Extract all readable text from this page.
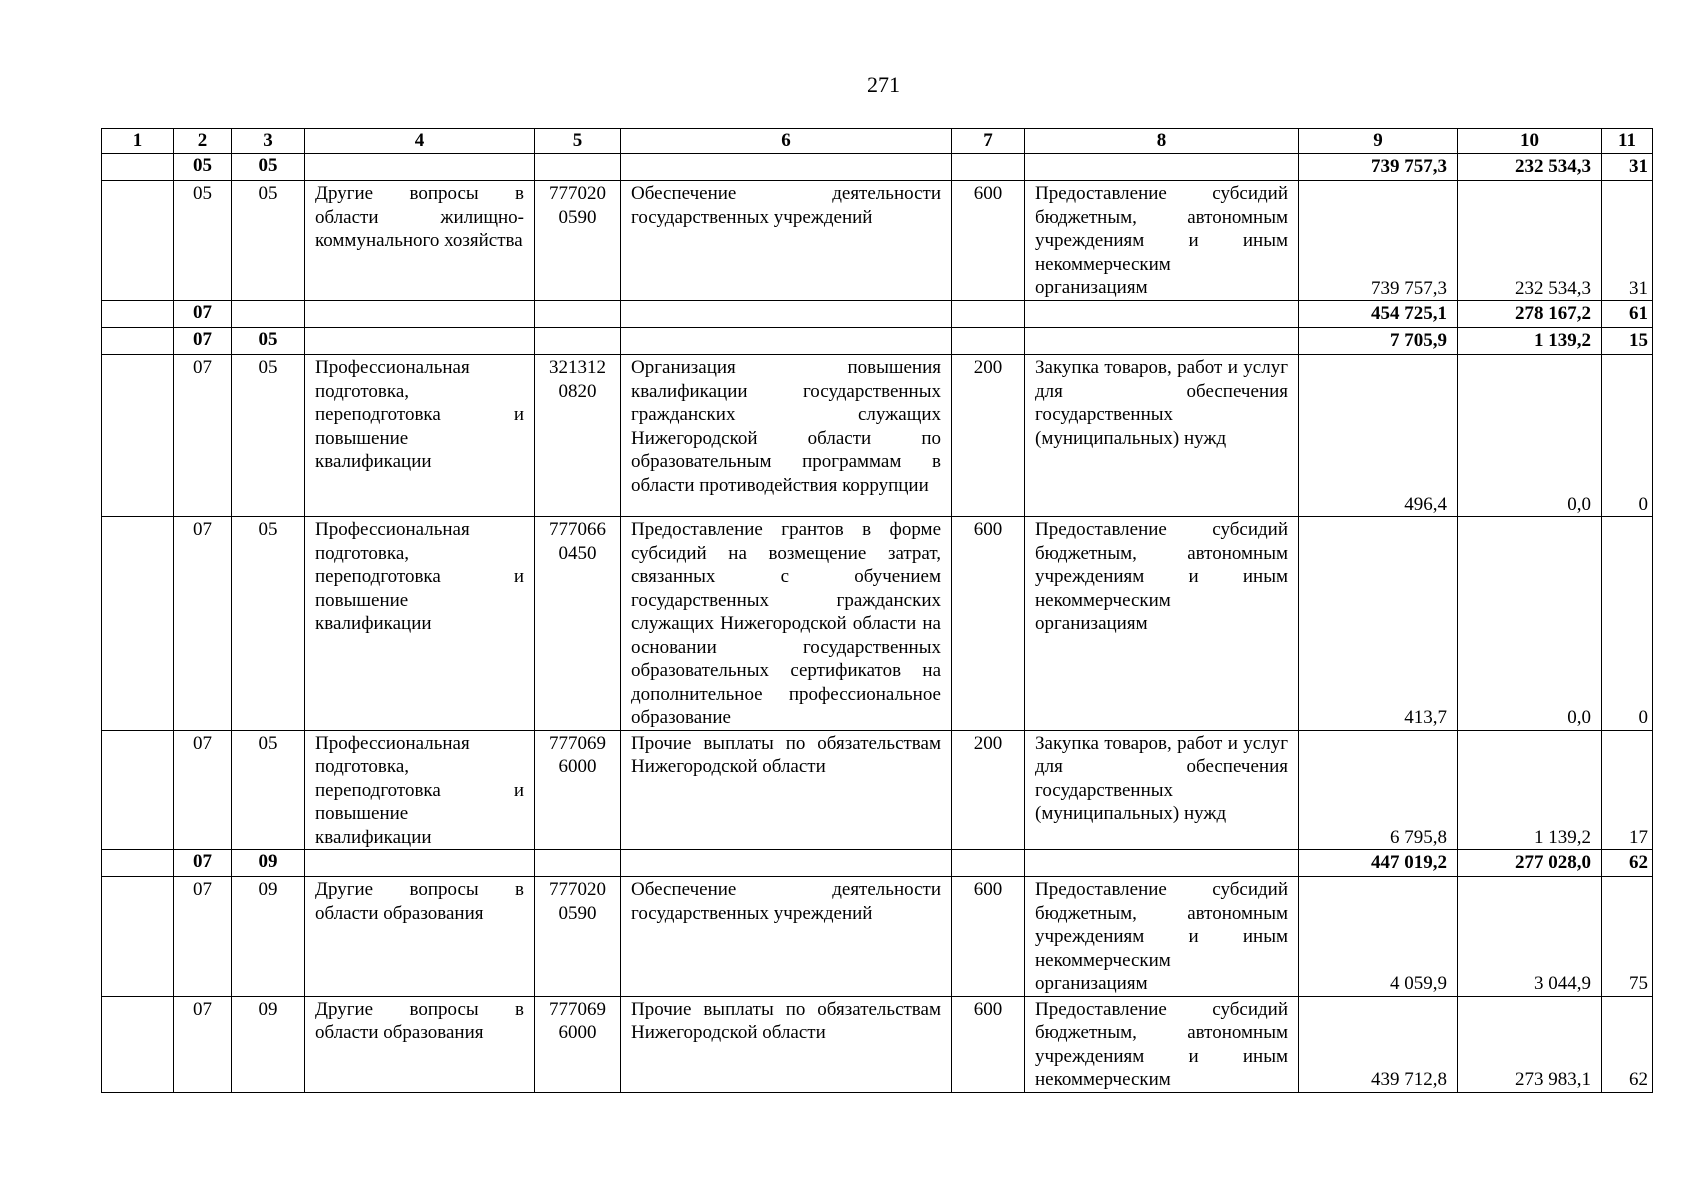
271
1	2	3	4	5	6	7	8	9	10	11
	05	05						739 757,3	232 534,3	31
	05	05	Другие вопросы в области жилищно-коммунального хозяйства	777020 0590	Обеспечение деятельности государственных учреждений	600	Предоставление субсидий бюджетным, автономным учреждениям и иным некоммерческим организациям	739 757,3	232 534,3	31
	07							454 725,1	278 167,2	61
	07	05						7 705,9	1 139,2	15
	07	05	Профессиональная подготовка, переподготовка и повышение квалификации	321312 0820	Организация повышения квалификации государственных гражданских служащих Нижегородской области по образовательным программам в области противодействия коррупции	200	Закупка товаров, работ и услуг для обеспечения государственных (муниципальных) нужд	496,4	0,0	0
	07	05	Профессиональная подготовка, переподготовка и повышение квалификации	777066 0450	Предоставление грантов в форме субсидий на возмещение затрат, связанных с обучением государственных гражданских служащих Нижегородской области на основании государственных образовательных сертификатов на дополнительное профессиональное образование	600	Предоставление субсидий бюджетным, автономным учреждениям и иным некоммерческим организациям	413,7	0,0	0
	07	05	Профессиональная подготовка, переподготовка и повышение квалификации	777069 6000	Прочие выплаты по обязательствам Нижегородской области	200	Закупка товаров, работ и услуг для обеспечения государственных (муниципальных) нужд	6 795,8	1 139,2	17
	07	09						447 019,2	277 028,0	62
	07	09	Другие вопросы в области образования	777020 0590	Обеспечение деятельности государственных учреждений	600	Предоставление субсидий бюджетным, автономным учреждениям и иным некоммерческим организациям	4 059,9	3 044,9	75
	07	09	Другие вопросы в области образования	777069 6000	Прочие выплаты по обязательствам Нижегородской области	600	Предоставление субсидий бюджетным, автономным учреждениям и иным некоммерческим	439 712,8	273 983,1	62
